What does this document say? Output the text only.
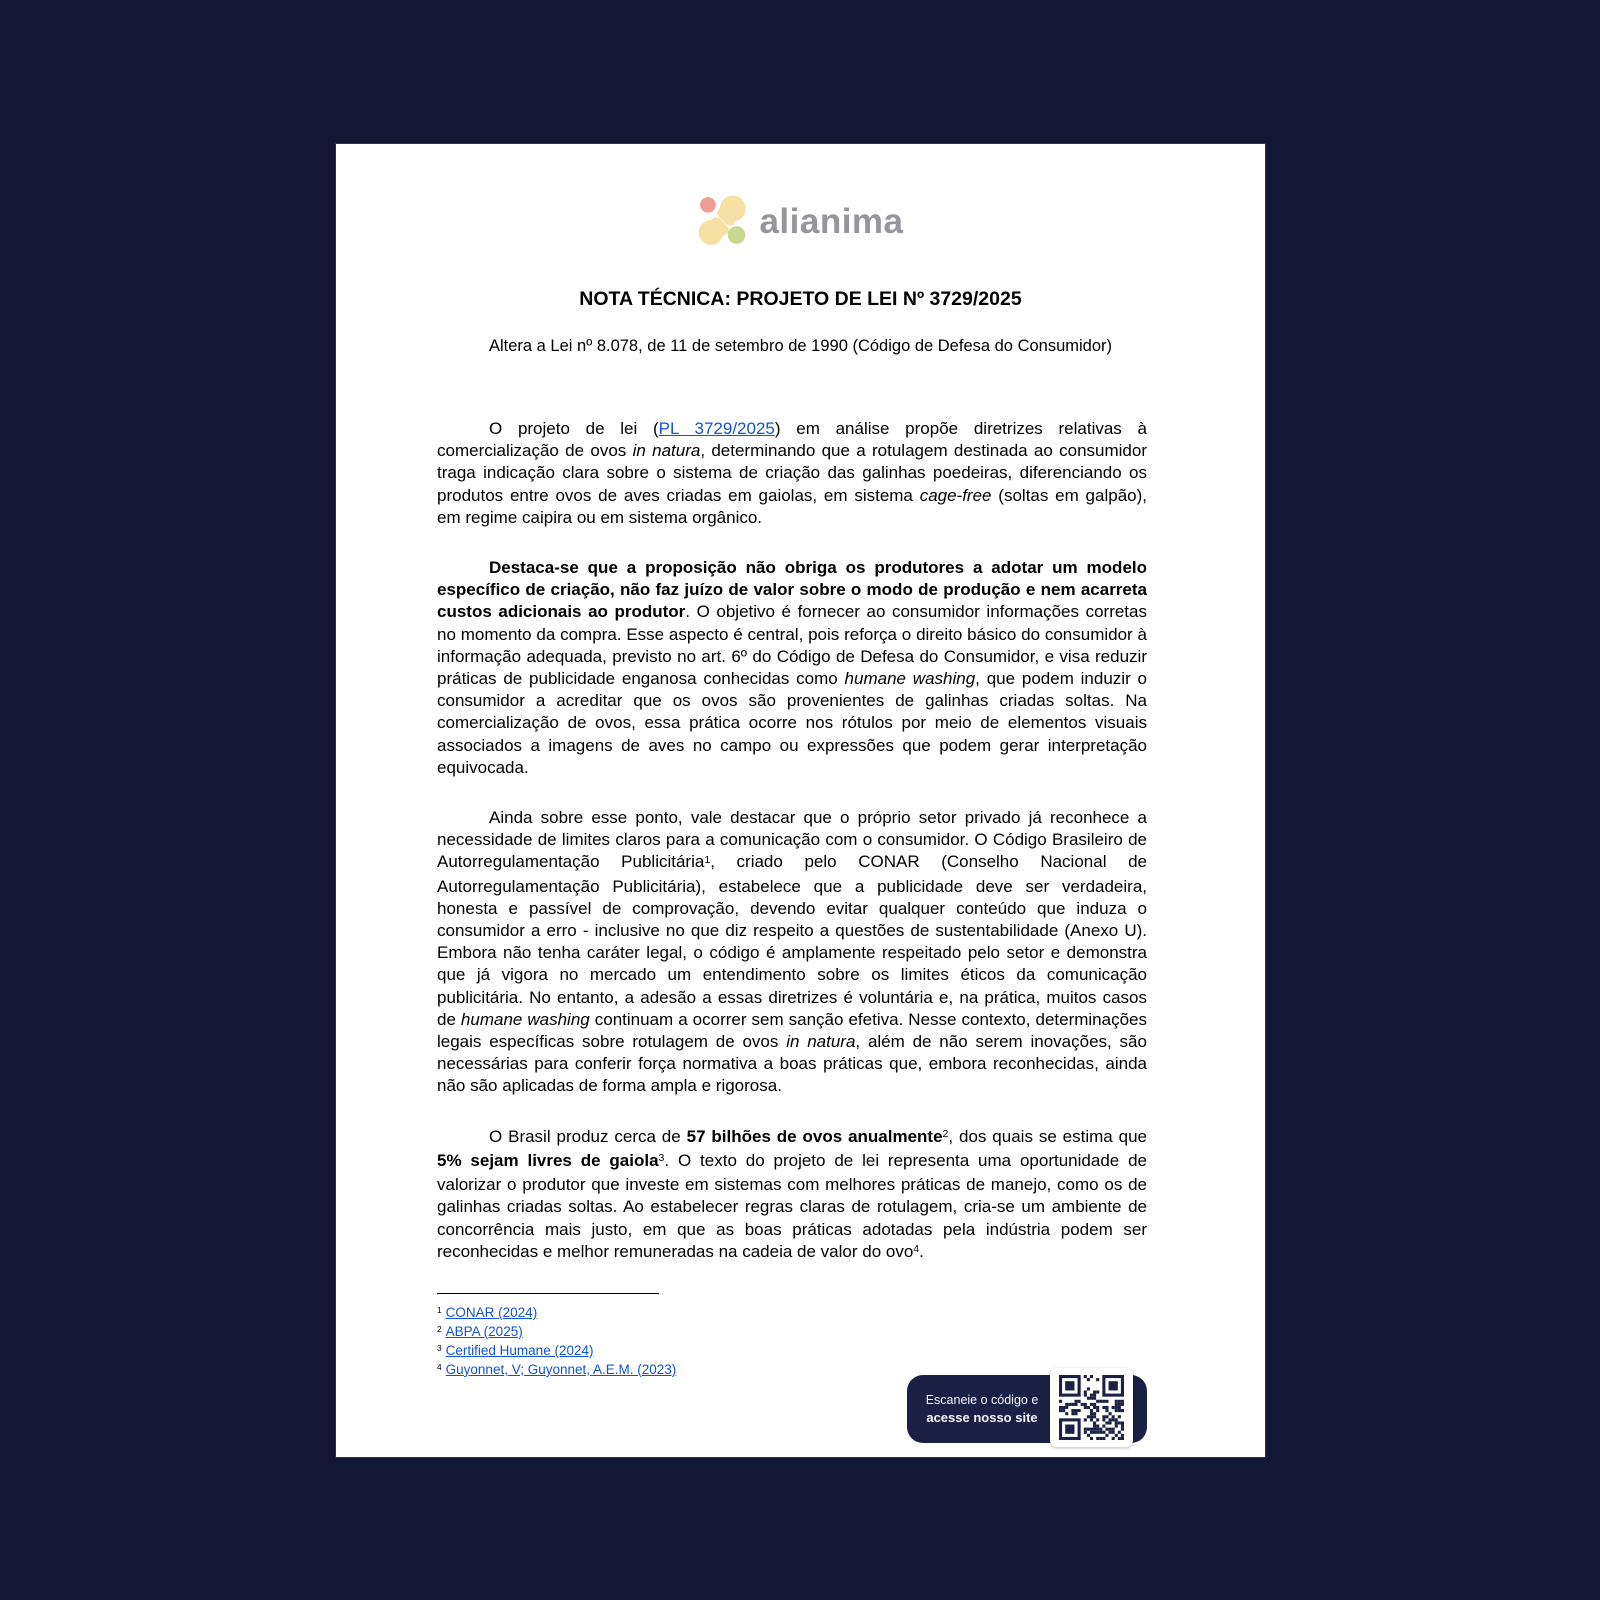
alianima
NOTA TÉCNICA: PROJETO DE LEI Nº 3729/2025
Altera a Lei nº 8.078, de 11 de setembro de 1990 (Código de Defesa do Consumidor)

O projeto de lei (PL 3729/2025) em análise propõe diretrizes relativas à comercialização de ovos in natura, determinando que a rotulagem destinada ao consumidor traga indicação clara sobre o sistema de criação das galinhas poedeiras, diferenciando os produtos entre ovos de aves criadas em gaiolas, em sistema cage-free (soltas em galpão), em regime caipira ou em sistema orgânico.

Destaca-se que a proposição não obriga os produtores a adotar um modelo específico de criação, não faz juízo de valor sobre o modo de produção e nem acarreta custos adicionais ao produtor. O objetivo é fornecer ao consumidor informações corretas no momento da compra. Esse aspecto é central, pois reforça o direito básico do consumidor à informação adequada, previsto no art. 6º do Código de Defesa do Consumidor, e visa reduzir práticas de publicidade enganosa conhecidas como humane washing, que podem induzir o consumidor a acreditar que os ovos são provenientes de galinhas criadas soltas. Na comercialização de ovos, essa prática ocorre nos rótulos por meio de elementos visuais associados a imagens de aves no campo ou expressões que podem gerar interpretação equivocada.

Ainda sobre esse ponto, vale destacar que o próprio setor privado já reconhece a necessidade de limites claros para a comunicação com o consumidor. O Código Brasileiro de Autorregulamentação Publicitária$^1$, criado pelo CONAR (Conselho Nacional de Autorregulamentação Publicitária), estabelece que a publicidade deve ser verdadeira, honesta e passível de comprovação, devendo evitar qualquer conteúdo que induza o consumidor a erro - inclusive no que diz respeito a questões de sustentabilidade (Anexo U). Embora não tenha caráter legal, o código é amplamente respeitado pelo setor e demonstra que já vigora no mercado um entendimento sobre os limites éticos da comunicação publicitária. No entanto, a adesão a essas diretrizes é voluntária e, na prática, muitos casos de humane washing continuam a ocorrer sem sanção efetiva. Nesse contexto, determinações legais específicas sobre rotulagem de ovos in natura, além de não serem inovações, são necessárias para conferir força normativa a boas práticas que, embora reconhecidas, ainda não são aplicadas de forma ampla e rigorosa.

O Brasil produz cerca de 57 bilhões de ovos anualmente$^2$, dos quais se estima que 5% sejam livres de gaiola$^3$. O texto do projeto de lei representa uma oportunidade de valorizar o produtor que investe em sistemas com melhores práticas de manejo, como os de galinhas criadas soltas. Ao estabelecer regras claras de rotulagem, cria-se um ambiente de concorrência mais justo, em que as boas práticas adotadas pela indústria podem ser reconhecidas e melhor remuneradas na cadeia de valor do ovo$^4$.

$^1$ CONAR (2024)
$^2$ ABPA (2025)
$^3$ Certified Humane (2024)
$^4$ Guyonnet, V; Guyonnet, A.E.M. (2023)
Escaneie o código e
acesse nosso site
